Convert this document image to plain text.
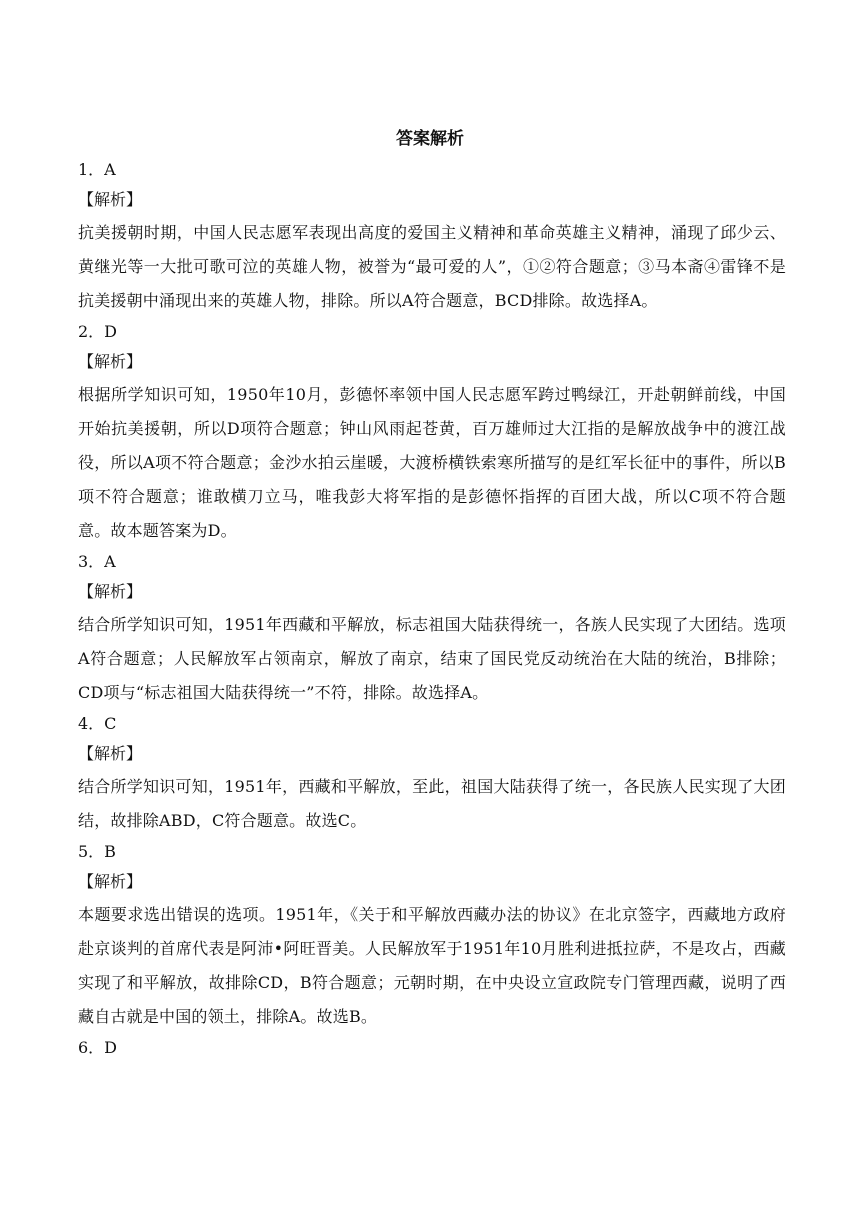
答案解析
1．A
【解析】
抗美援朝时期，中国人民志愿军表现出高度的爱国主义精神和革命英雄主义精神，涌现了邱少云、黄继光等一大批可歌可泣的英雄人物，被誉为“最可爱的人”，①②符合题意；③马本斋④雷锋不是抗美援朝中涌现出来的英雄人物，排除。所以A符合题意，BCD排除。故选择A。
2．D
【解析】
根据所学知识可知，1950年10月，彭德怀率领中国人民志愿军跨过鸭绿江，开赴朝鲜前线，中国开始抗美援朝，所以D项符合题意；钟山风雨起苍黄，百万雄师过大江指的是解放战争中的渡江战役，所以A项不符合题意；金沙水拍云崖暖，大渡桥横铁索寒所描写的是红军长征中的事件，所以B项不符合题意；谁敢横刀立马，唯我彭大将军指的是彭德怀指挥的百团大战，所以C项不符合题意。故本题答案为D。
3．A
【解析】
结合所学知识可知，1951年西藏和平解放，标志祖国大陆获得统一，各族人民实现了大团结。选项A符合题意；人民解放军占领南京，解放了南京，结束了国民党反动统治在大陆的统治，B排除；CD项与“标志祖国大陆获得统一”不符，排除。故选择A。
4．C
【解析】
结合所学知识可知，1951年，西藏和平解放，至此，祖国大陆获得了统一，各民族人民实现了大团结，故排除ABD，C符合题意。故选C。
5．B
【解析】
本题要求选出错误的选项。1951年，《关于和平解放西藏办法的协议》在北京签字，西藏地方政府赴京谈判的首席代表是阿沛•阿旺晋美。人民解放军于1951年10月胜利进抵拉萨，不是攻占，西藏实现了和平解放，故排除CD，B符合题意；元朝时期，在中央设立宣政院专门管理西藏，说明了西藏自古就是中国的领土，排除A。故选B。
6．D
